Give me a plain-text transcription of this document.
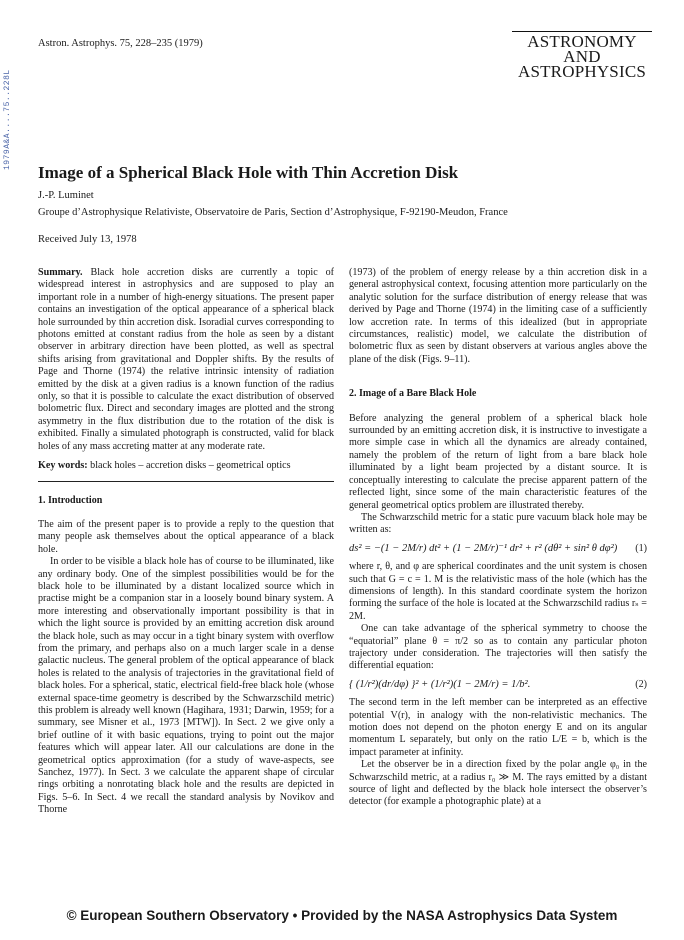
1979A&A....75..228L
Astron. Astrophys. 75, 228–235 (1979)	ASTRONOMY
AND
ASTROPHYSICS
Image of a Spherical Black Hole with Thin Accretion Disk
J.-P. Luminet
Groupe d’Astrophysique Relativiste, Observatoire de Paris, Section d’Astrophysique, F-92190-Meudon, France
Received July 13, 1978

Summary. Black hole accretion disks are currently a topic of widespread interest in astrophysics and are supposed to play an important role in a number of high-energy situations. The present paper contains an investigation of the optical appearance of a spherical black hole surrounded by thin accretion disk. Isoradial curves corresponding to photons emitted at constant radius from the hole as seen by a distant observer in arbitrary direction have been plotted, as well as spectral shifts arising from gravitational and Doppler shifts. By the results of Page and Thorne (1974) the relative intrinsic intensity of radiation emitted by the disk at a given radius is a known function of the radius only, so that it is possible to calculate the exact distribution of observed bolometric flux. Direct and secondary images are plotted and the strong asymmetry in the flux distribution due to the rotation of the disk is exhibited. Finally a simulated photograph is constructed, valid for black holes of any mass accreting matter at any moderate rate.

Key words: black holes – accretion disks – geometrical optics

1. Introduction

The aim of the present paper is to provide a reply to the question that many people ask themselves about the optical appearance of a black hole.

In order to be visible a black hole has of course to be illuminated, like any ordinary body. One of the simplest possibilities would be for the black hole to be illuminated by a distant localized source which in practise might be a companion star in a loosely bound binary system. A more interesting and observationally important possibility is that in which the light source is provided by an emitting accretion disk around the black hole, such as may occur in a tight binary system with overflow from the primary, and perhaps also on a much larger scale in a dense galactic nucleus. The general problem of the optical appearance of black holes is related to the analysis of trajectories in the gravitational field of black holes. For a spherical, static, electrical field-free black hole (whose external space-time geometry is described by the Schwarzschild metric) this problem is already well known (Hagihara, 1931; Darwin, 1959; for a summary, see Misner et al., 1973 [MTW]). In Sect. 2 we give only a brief outline of it with basic equations, trying to point out the major features which will appear later. All our calculations are done in the geometrical optics approximation (for a study of wave-aspects, see Sanchez, 1977). In Sect. 3 we calculate the apparent shape of circular rings orbiting a nonrotating black hole and the results are depicted in Figs. 5–6. In Sect. 4 we recall the standard analysis by Novikov and Thorne

(1973) of the problem of energy release by a thin accretion disk in a general astrophysical context, focusing attention more particularly on the analytic solution for the surface distribution of energy release that was derived by Page and Thorne (1974) in the limiting case of a sufficiently low accretion rate. In terms of this idealized (but in appropriate circumstances, realistic) model, we calculate the distribution of bolometric flux as seen by distant observers at various angles above the plane of the disk (Figs. 9–11).

2. Image of a Bare Black Hole

Before analyzing the general problem of a spherical black hole surrounded by an emitting accretion disk, it is instructive to investigate a more simple case in which all the dynamics are already contained, namely the problem of the return of light from a bare black hole illuminated by a light beam projected by a distant source. It is conceptually interesting to calculate the precise apparent pattern of the reflected light, since some of the main characteristic features of the general geometrical optics problem are illustrated thereby.

The Schwarzschild metric for a static pure vacuum black hole may be written as:

ds² = −(1 − 2M/r) dt² + (1 − 2M/r)⁻¹ dr² + r² (dθ² + sin² θ dφ²) (1)

where r, θ, and φ are spherical coordinates and the unit system is chosen such that G = c = 1. M is the relativistic mass of the hole (which has the dimensions of length). In this standard coordinate system the horizon forming the surface of the hole is located at the Schwarzschild radius rₛ = 2M.

One can take advantage of the spherical symmetry to choose the “equatorial” plane θ = π/2 so as to contain any particular photon trajectory under consideration. The trajectories will then satisfy the differential equation:

{ (1/r²)(dr/dφ) }² + (1/r²)(1 − 2M/r) = 1/b².	(2)

The second term in the left member can be interpreted as an effective potential V(r), in analogy with the non-relativistic mechanics. The motion does not depend on the photon energy E and on its angular momentum L separately, but only on the ratio L/E = b, which is the impact parameter at infinity.

Let the observer be in a direction fixed by the polar angle φ₀ in the Schwarzschild metric, at a radius r₀ ≫ M. The rays emitted by a distant source of light and deflected by the black hole intersect the observer’s detector (for example a photographic plate) at a

© European Southern Observatory • Provided by the NASA Astrophysics Data System
